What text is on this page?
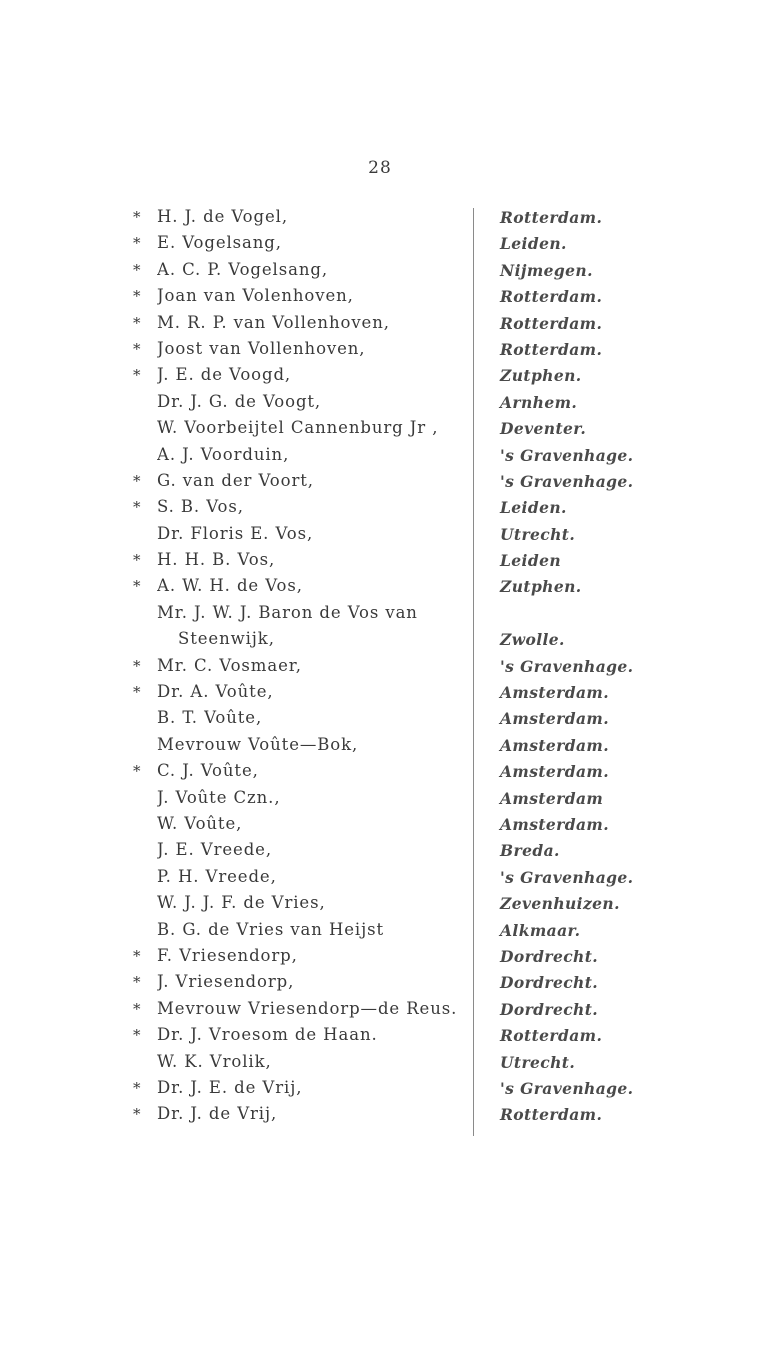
28
*	H. J. de Vogel,	Rotterdam.
*	E. Vogelsang,	Leiden.
*	A. C. P. Vogelsang,	Nijmegen.
*	Joan van Volenhoven,	Rotterdam.
*	M. R. P. van Vollenhoven,	Rotterdam.
*	Joost van Vollenhoven,	Rotterdam.
*	J. E. de Voogd,	Zutphen.
Dr. J. G. de Voogt,	Arnhem.
W. Voorbeijtel Cannenburg Jr ,	Deventer.
A. J. Voorduin,	's Gravenhage.
*	G. van der Voort,	's Gravenhage.
*	S. B. Vos,	Leiden.
Dr. Floris E. Vos,	Utrecht.
*	H. H. B. Vos,	Leiden
*	A. W. H. de Vos,	Zutphen.
Mr. J. W. J. Baron de Vos van
Steenwijk,	Zwolle.
*	Mr. C. Vosmaer,	's Gravenhage.
*	Dr. A. Voûte,	Amsterdam.
B. T. Voûte,	Amsterdam.
Mevrouw Voûte—Bok,	Amsterdam.
*	C. J. Voûte,	Amsterdam.
J. Voûte Czn.,	Amsterdam
W. Voûte,	Amsterdam.
J. E. Vreede,	Breda.
P. H. Vreede,	's Gravenhage.
W. J. J. F. de Vries,	Zevenhuizen.
B. G. de Vries van Heijst	Alkmaar.
*	F. Vriesendorp,	Dordrecht.
*	J. Vriesendorp,	Dordrecht.
*	Mevrouw Vriesendorp—de Reus.	Dordrecht.
*	Dr. J. Vroesom de Haan.	Rotterdam.
W. K. Vrolik,	Utrecht.
*	Dr. J. E. de Vrij,	's Gravenhage.
*	Dr. J. de Vrij,	Rotterdam.
